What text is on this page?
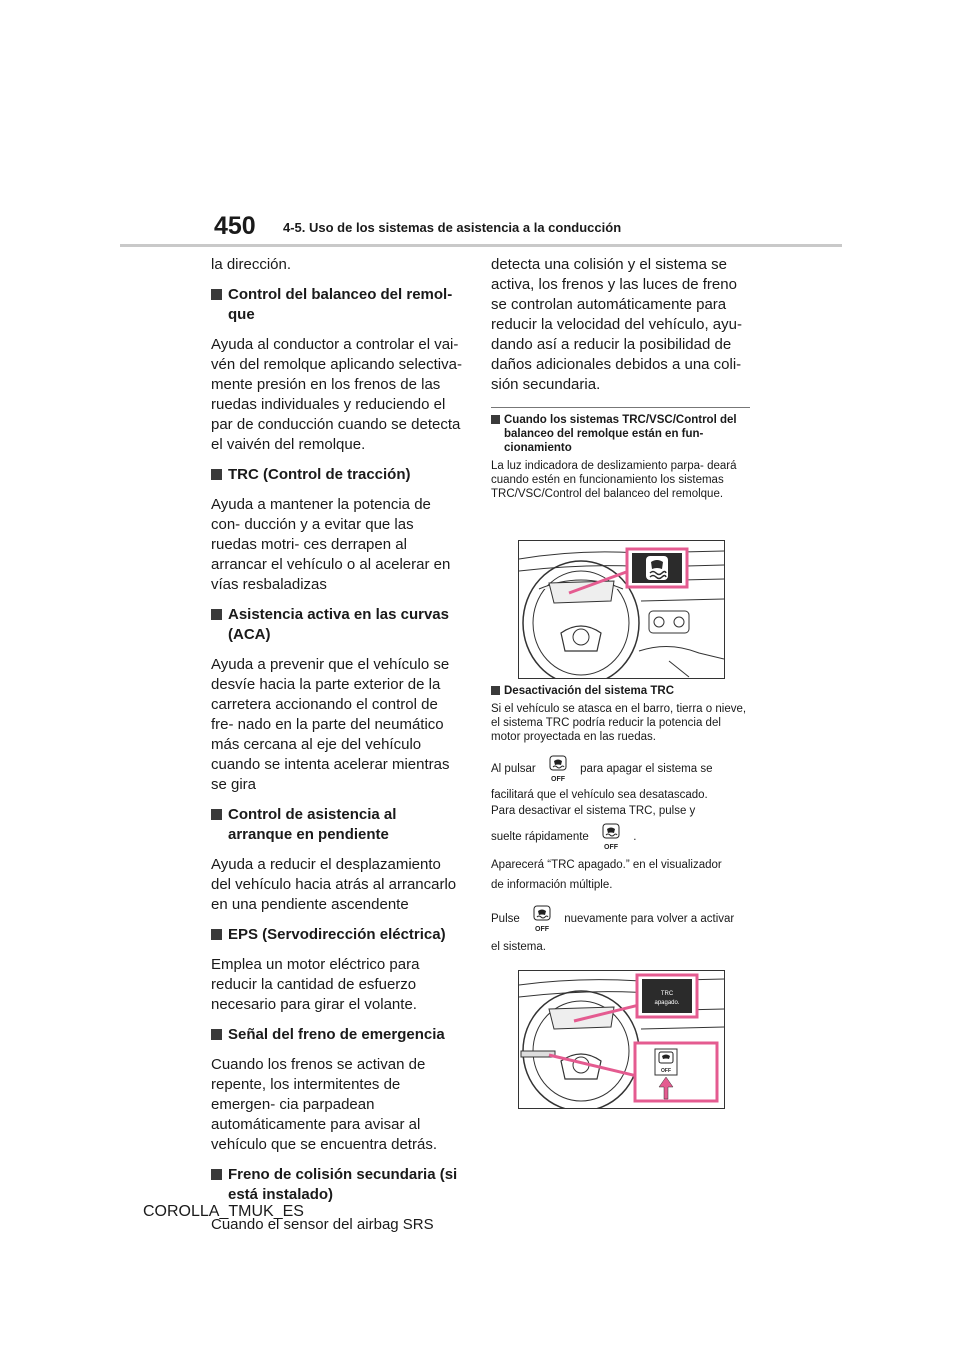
450 4-5. Uso de los sistemas de asistencia a la conducción

la dirección.

Control del balanceo del remol- que

Ayuda al conductor a controlar el vai- vén del remolque aplicando selectiva- mente presión en los frenos de las ruedas individuales y reduciendo el par de conducción cuando se detecta el vaivén del remolque.

TRC (Control de tracción)

Ayuda a mantener la potencia de con- ducción y a evitar que las ruedas motri- ces derrapen al arrancar el vehículo o al acelerar en vías resbaladizas

Asistencia activa en las curvas (ACA)

Ayuda a prevenir que el vehículo se desvíe hacia la parte exterior de la carretera accionando el control de fre- nado en la parte del neumático más cercana al eje del vehículo cuando se intenta acelerar mientras se gira

Control de asistencia al arranque en pendiente

Ayuda a reducir el desplazamiento del vehículo hacia atrás al arrancarlo en una pendiente ascendente

EPS (Servodirección eléctrica)

Emplea un motor eléctrico para reducir la cantidad de esfuerzo necesario para girar el volante.

Señal del freno de emergencia

Cuando los frenos se activan de repente, los intermitentes de emergen- cia parpadean automáticamente para avisar al vehículo que se encuentra detrás.

Freno de colisión secundaria (si está instalado)

Cuando el sensor del airbag SRS

detecta una colisión y el sistema se activa, los frenos y las luces de freno se controlan automáticamente para reducir la velocidad del vehículo, ayu- dando así a reducir la posibilidad de daños adicionales debidos a una coli- sión secundaria.

Cuando los sistemas TRC/VSC/Control del balanceo del remolque están en fun- cionamiento

La luz indicadora de deslizamiento parpa- deará cuando estén en funcionamiento los sistemas TRC/VSC/Control del balanceo del remolque.

Desactivación del sistema TRC

Si el vehículo se atasca en el barro, tierra o nieve, el sistema TRC podría reducir la potencia del motor proyectada en las ruedas.

Al pulsar
OFF
para apagar el sistema se
facilitará que el vehículo sea desatascado.
Para desactivar el sistema TRC, pulse y
suelte rápidamente
OFF
.
Aparecerá “TRC apagado.” en el visualizador
de información múltiple.
Pulse
OFF
nuevamente para volver a activar
el sistema.
TRC
apagado.
OFF
COROLLA_TMUK_ES
